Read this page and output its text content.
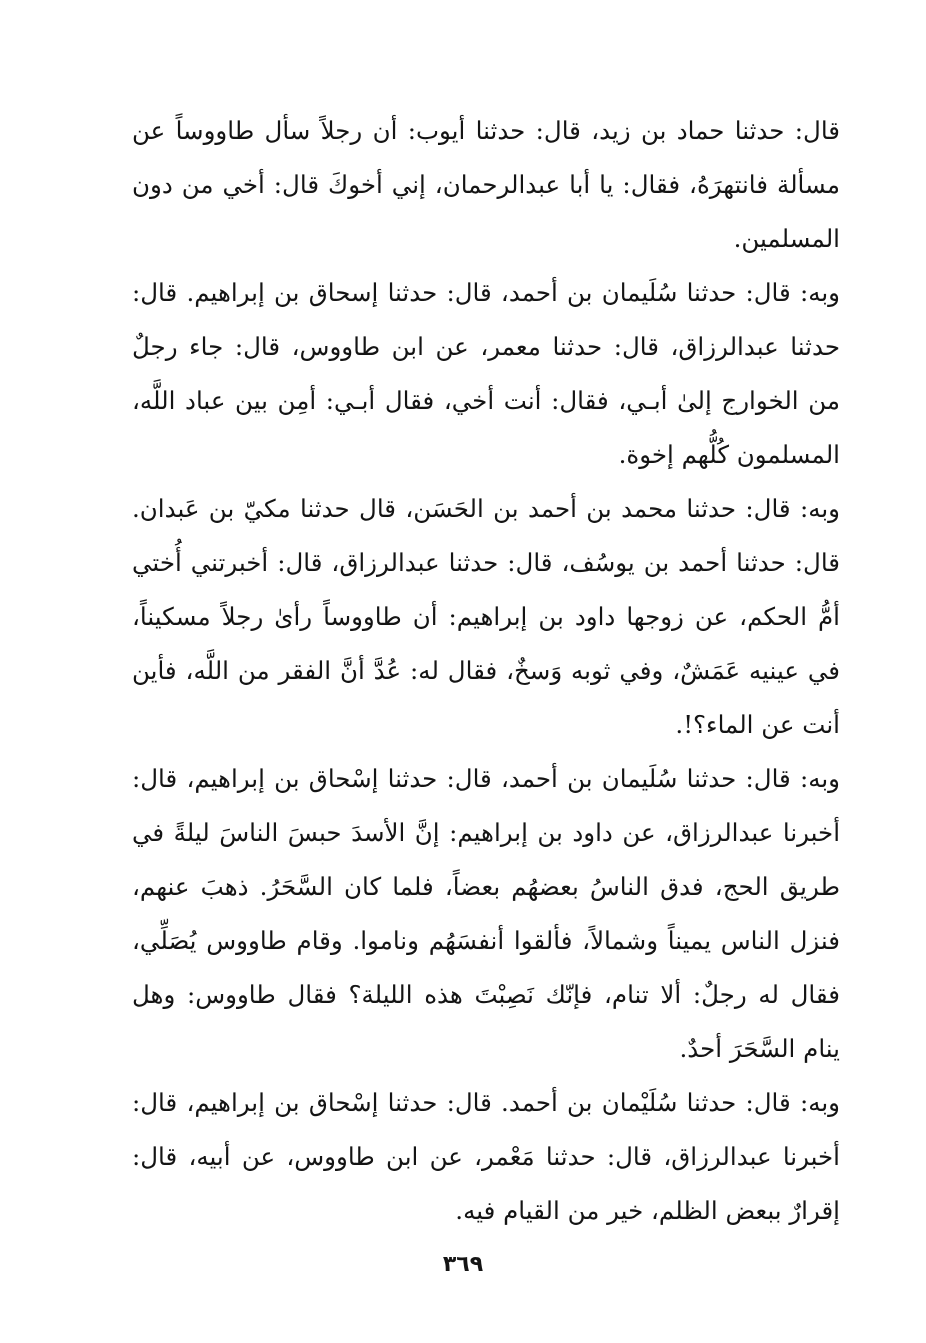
قال: حدثنا حماد بن زيد، قال: حدثنا أيوب: أن رجلاً سأل طاووساً عن مسألة فانتهرَهُ، فقال: يا أبا عبدالرحمان، إني أخوكَ قال: أخي من دون المسلمين.

وبه: قال: حدثنا سُلَيمان بن أحمد، قال: حدثنا إسحاق بن إبراهيم. قال: حدثنا عبدالرزاق، قال: حدثنا معمر، عن ابن طاووس، قال: جاء رجلٌ من الخوارج إلىٰ أبـي، فقال: أنت أخي، فقال أبـي: أمِن بين عباد اللَّه، المسلمون كُلُّهم إخوة.

وبه: قال: حدثنا محمد بن أحمد بن الحَسَن، قال حدثنا مكيّ بن عَبدان. قال: حدثنا أحمد بن يوسُف، قال: حدثنا عبدالرزاق، قال: أخبرتني أُختي أمُّ الحكم، عن زوجها داود بن إبراهيم: أن طاووساً رأىٰ رجلاً مسكيناً، في عينيه عَمَشٌ، وفي ثوبه وَسخٌ، فقال له: عُدَّ أنَّ الفقر من اللَّه، فأين أنت عن الماء؟!.

وبه: قال: حدثنا سُلَيمان بن أحمد، قال: حدثنا إسْحاق بن إبراهيم، قال: أخبرنا عبدالرزاق، عن داود بن إبراهيم: إنَّ الأسدَ حبسَ الناسَ ليلةً في طريق الحج، فدق الناسُ بعضهُم بعضاً، فلما كان السَّحَرُ. ذهبَ عنهم، فنزل الناس يميناً وشمالاً، فألقوا أنفسَهُم وناموا. وقام طاووس يُصَلِّي، فقال له رجلٌ: ألا تنام، فإنّك نَصِبْتَ هذه الليلة؟ فقال طاووس: وهل ينام السَّحَرَ أحدٌ.

وبه: قال: حدثنا سُلَيْمان بن أحمد. قال: حدثنا إسْحاق بن إبراهيم، قال: أخبرنا عبدالرزاق، قال: حدثنا مَعْمر، عن ابن طاووس، عن أبيه، قال: إقرارٌ ببعض الظلم، خير من القيام فيه.

٣٦٩
